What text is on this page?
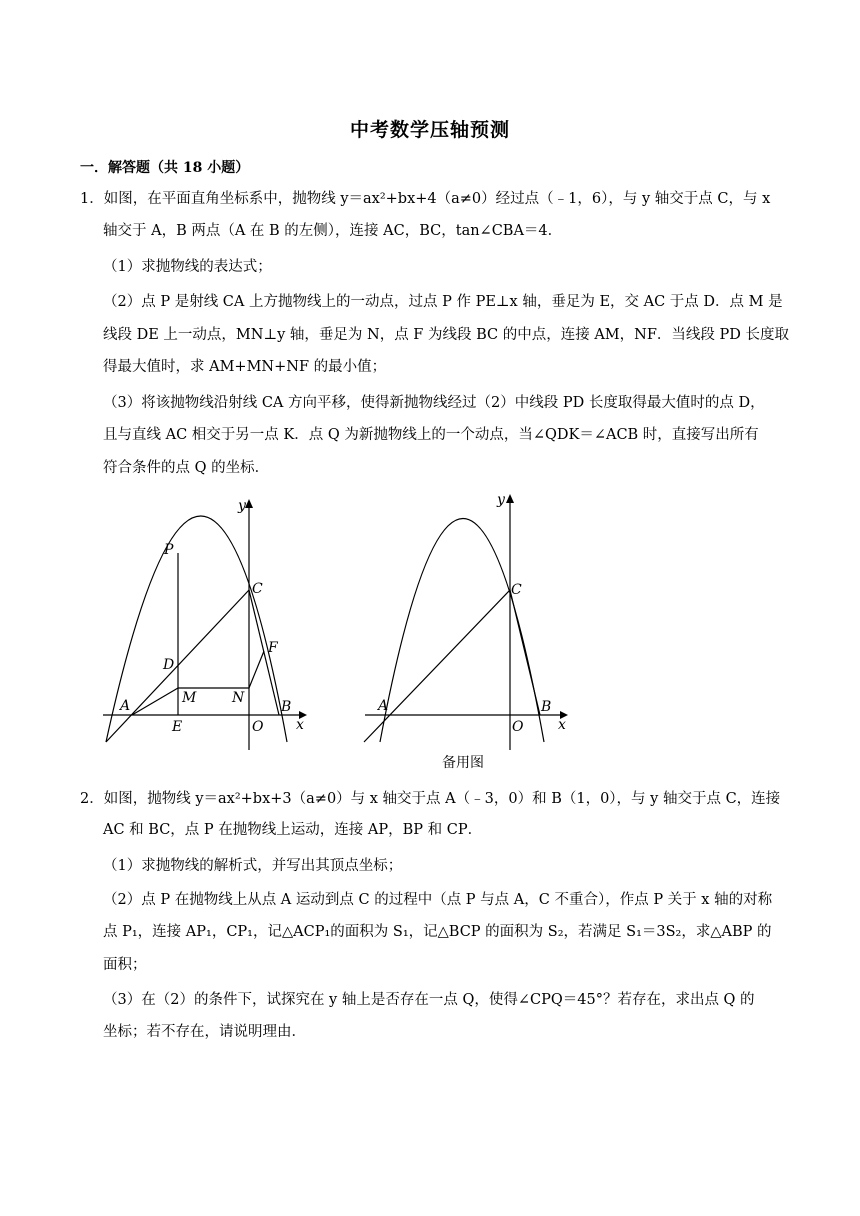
中考数学压轴预测
一．解答题（共 18 小题）
1．如图，在平面直角坐标系中，抛物线 y＝ax²+bx+4（a≠0）经过点（﹣1，6），与 y 轴交于点 C，与 x
轴交于 A，B 两点（A 在 B 的左侧），连接 AC，BC，tan∠CBA＝4．
（1）求抛物线的表达式；
（2）点 P 是射线 CA 上方抛物线上的一动点，过点 P 作 PE⊥x 轴，垂足为 E，交 AC 于点 D．点 M 是
线段 DE 上一动点，MN⊥y 轴，垂足为 N，点 F 为线段 BC 的中点，连接 AM，NF．当线段 PD 长度取
得最大值时，求 AM+MN+NF 的最小值；
（3）将该抛物线沿射线 CA 方向平移，使得新抛物线经过（2）中线段 PD 长度取得最大值时的点 D，
且与直线 AC 相交于另一点 K．点 Q 为新抛物线上的一个动点，当∠QDK＝∠ACB 时，直接写出所有
符合条件的点 Q 的坐标．
P
C
D
F
M	N
A
E	O
B
x
y
C
A
O
B
x
y
备用图
2．如图，抛物线 y＝ax²+bx+3（a≠0）与 x 轴交于点 A（﹣3，0）和 B（1，0），与 y 轴交于点 C，连接
AC 和 BC，点 P 在抛物线上运动，连接 AP，BP 和 CP．
（1）求抛物线的解析式，并写出其顶点坐标；
（2）点 P 在抛物线上从点 A 运动到点 C 的过程中（点 P 与点 A，C 不重合），作点 P 关于 x 轴的对称
点 P₁，连接 AP₁，CP₁，记△ACP₁的面积为 S₁，记△BCP 的面积为 S₂，若满足 S₁＝3S₂，求△ABP 的
面积；
（3）在（2）的条件下，试探究在 y 轴上是否存在一点 Q，使得∠CPQ＝45°？若存在，求出点 Q 的
坐标；若不存在，请说明理由．
